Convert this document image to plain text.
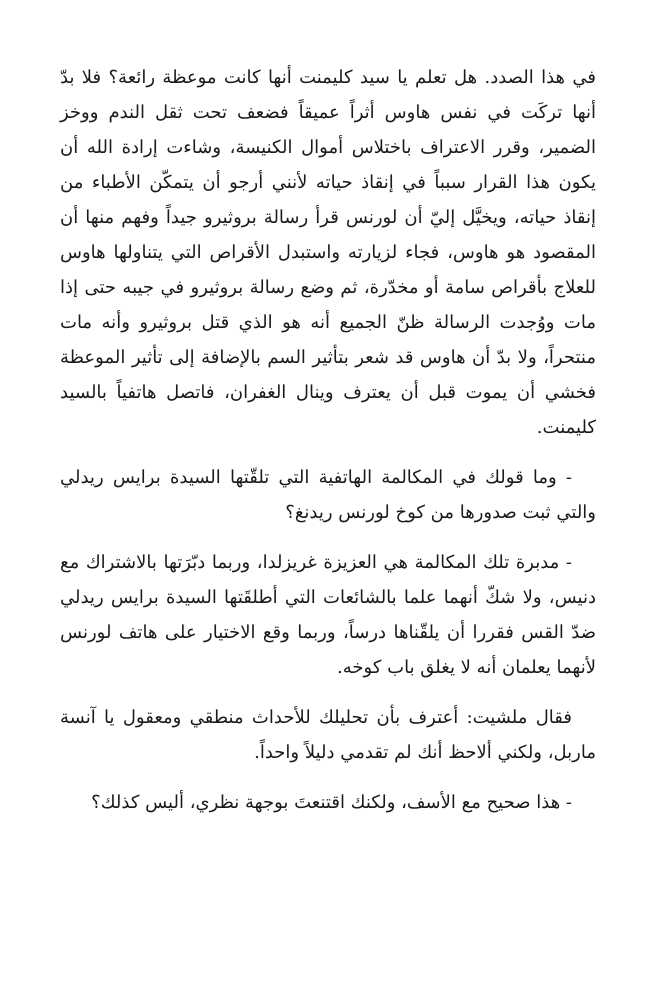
في هذا الصدد. هل تعلم يا سيد كليمنت أنها كانت موعظة رائعة؟ فلا بدّ أنها تركَت في نفس هاوس أثراً عميقاً فضعف تحت ثقل الندم ووخز الضمير، وقرر الاعتراف باختلاس أموال الكنيسة، وشاءت إرادة الله أن يكون هذا القرار سبباً في إنقاذ حياته لأنني أرجو أن يتمكّن الأطباء من إنقاذ حياته، ويخيَّل إليّ أن لورنس قرأ رسالة بروثيرو جيداً وفهم منها أن المقصود هو هاوس، فجاء لزيارته واستبدل الأقراص التي يتناولها هاوس للعلاج بأقراص سامة أو مخدّرة، ثم وضع رسالة بروثيرو في جيبه حتى إذا مات ووُجدت الرسالة ظنّ الجميع أنه هو الذي قتل بروثيرو وأنه مات منتحراً، ولا بدّ أن هاوس قد شعر بتأثير السم بالإضافة إلى تأثير الموعظة فخشي أن يموت قبل أن يعترف وينال الغفران، فاتصل هاتفياً بالسيد كليمنت.

- وما قولك في المكالمة الهاتفية التي تلقّتها السيدة برايس ريدلي والتي ثبت صدورها من كوخ لورنس ريدنغ؟

- مدبرة تلك المكالمة هي العزيزة غريزلدا، وربما دبّرَتها بالاشتراك مع دنيس، ولا شكّ أنهما علما بالشائعات التي أطلقَتها السيدة برايس ريدلي ضدّ القس فقررا أن يلقّناها درساً، وربما وقع الاختيار على هاتف لورنس لأنهما يعلمان أنه لا يغلق باب كوخه.

فقال ملشيت: أعترف بأن تحليلك للأحداث منطقي ومعقول يا آنسة ماربل، ولكني ألاحظ أنك لم تقدمي دليلاً واحداً.

- هذا صحيح مع الأسف، ولكنك اقتنعتَ بوجهة نظري، أليس كذلك؟
